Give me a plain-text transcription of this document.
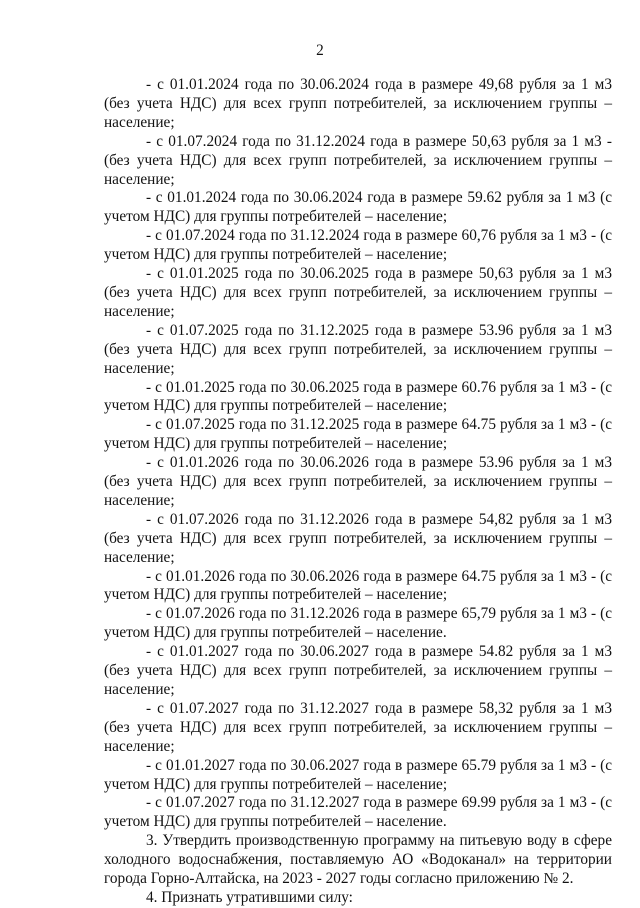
2

- с 01.01.2024 года по 30.06.2024 года в размере 49,68 рубля за 1 м3 (без учета НДС) для всех групп потребителей, за исключением группы – население;

- с 01.07.2024 года по 31.12.2024 года в размере 50,63 рубля за 1 м3 - (без учета НДС) для всех групп потребителей, за исключением группы – население;

- с 01.01.2024 года по 30.06.2024 года в размере 59.62 рубля за 1 м3 (с учетом НДС) для группы потребителей – население;

- с 01.07.2024 года по 31.12.2024 года в размере 60,76 рубля за 1 м3 - (с учетом НДС) для группы потребителей – население;

- с 01.01.2025 года по 30.06.2025 года в размере 50,63 рубля за 1 м3 (без учета НДС) для всех групп потребителей, за исключением группы – население;

- с 01.07.2025 года по 31.12.2025 года в размере 53.96 рубля за 1 м3 (без учета НДС) для всех групп потребителей, за исключением группы – население;

- с 01.01.2025 года по 30.06.2025 года в размере 60.76 рубля за 1 м3 - (с учетом НДС) для группы потребителей – население;

- с 01.07.2025 года по 31.12.2025 года в размере 64.75 рубля за 1 м3 - (с учетом НДС) для группы потребителей – население;

- с 01.01.2026 года по 30.06.2026 года в размере 53.96 рубля за 1 м3 (без учета НДС) для всех групп потребителей, за исключением группы – население;

- с 01.07.2026 года по 31.12.2026 года в размере 54,82 рубля за 1 м3 (без учета НДС) для всех групп потребителей, за исключением группы – население;

- с 01.01.2026 года по 30.06.2026 года в размере 64.75 рубля за 1 м3 - (с учетом НДС) для группы потребителей – население;

- с 01.07.2026 года по 31.12.2026 года в размере 65,79 рубля за 1 м3 - (с учетом НДС) для группы потребителей – население.

- с 01.01.2027 года по 30.06.2027 года в размере 54.82 рубля за 1 м3 (без учета НДС) для всех групп потребителей, за исключением группы – население;

- с 01.07.2027 года по 31.12.2027 года в размере 58,32 рубля за 1 м3 (без учета НДС) для всех групп потребителей, за исключением группы – население;

- с 01.01.2027 года по 30.06.2027 года в размере 65.79 рубля за 1 м3 - (с учетом НДС) для группы потребителей – население;

- с 01.07.2027 года по 31.12.2027 года в размере 69.99 рубля за 1 м3 - (с учетом НДС) для группы потребителей – население.

3. Утвердить производственную программу на питьевую воду в сфере холодного водоснабжения, поставляемую АО «Водоканал» на территории города Горно-Алтайска, на 2023 - 2027 годы согласно приложению № 2.

4. Признать утратившими силу:
